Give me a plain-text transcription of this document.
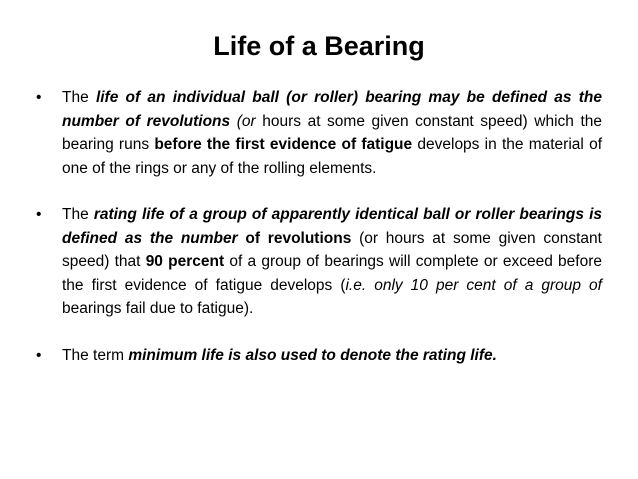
Life of a Bearing
• The life of an individual ball (or roller) bearing may be defined as the number of revolutions (or hours at some given constant speed) which the bearing runs before the first evidence of fatigue develops in the material of one of the rings or any of the rolling elements.
• The rating life of a group of apparently identical ball or roller bearings is defined as the number of revolutions (or hours at some given constant speed) that 90 percent of a group of bearings will complete or exceed before the first evidence of fatigue develops (i.e. only 10 per cent of a group of bearings fail due to fatigue).
• The term minimum life is also used to denote the rating life.
